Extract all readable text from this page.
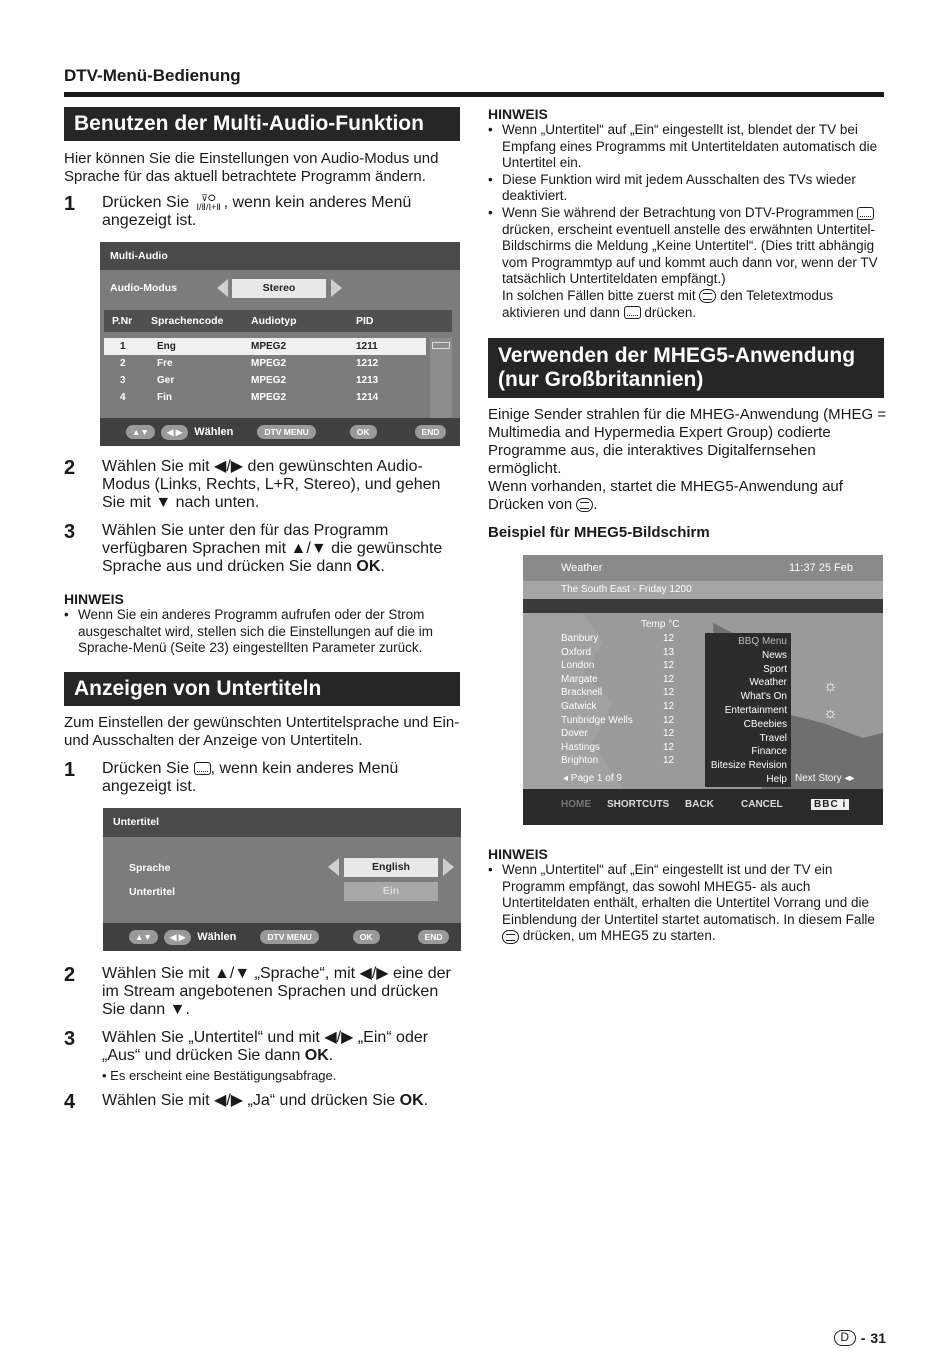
DTV-Menü-Bedienung
Benutzen der Multi-Audio-Funktion
Hier können Sie die Einstellungen von Audio-Modus und Sprache für das aktuell betrachtete Programm ändern.
1	Drücken Sie ⊽ⵔ
Ⅰ/Ⅱ/Ⅰ+Ⅱ , wenn kein anderes Menü angezeigt ist.
Multi-Audio
Audio-Modus	Stereo
P.Nr	Sprachencode	Audiotyp	PID
1	Eng	MPEG2	1211
2	Fre	MPEG2	1212
3	Ger	MPEG2	1213
4	Fin	MPEG2	1214
▲▼	◀ ▶	Wählen	DTV MENU	OK	END
2	Wählen Sie mit ◀/▶ den gewünschten Audio-Modus (Links, Rechts, L+R, Stereo), und gehen Sie mit ▼ nach unten.
3	Wählen Sie unter den für das Programm verfügbaren Sprachen mit ▲/▼ die gewünschte Sprache aus und drücken Sie dann OK.
HINWEIS
• Wenn Sie ein anderes Programm aufrufen oder der Strom ausgeschaltet wird, stellen sich die Einstellungen auf die im Sprache-Menü (Seite 23) eingestellten Parameter zurück.
Anzeigen von Untertiteln
Zum Einstellen der gewünschten Untertitelsprache und Ein- und Ausschalten der Anzeige von Untertiteln.
1	Drücken Sie , wenn kein anderes Menü angezeigt ist.
Untertitel
Sprache	English
Untertitel	Ein
▲▼	◀ ▶	Wählen	DTV MENU	OK	END
2	Wählen Sie mit ▲/▼ „Sprache“, mit ◀/▶ eine der im Stream angebotenen Sprachen und drücken Sie dann ▼.
3	Wählen Sie „Untertitel“ und mit ◀/▶ „Ein“ oder „Aus“ und drücken Sie dann OK.
• Es erscheint eine Bestätigungsabfrage.
4	Wählen Sie mit ◀/▶ „Ja“ und drücken Sie OK.
HINWEIS
• Wenn „Untertitel“ auf „Ein“ eingestellt ist, blendet der TV bei Empfang eines Programms mit Untertiteldaten automatisch die Untertitel ein.
• Diese Funktion wird mit jedem Ausschalten des TVs wieder deaktiviert.
• Wenn Sie während der Betrachtung von DTV-Programmen  drücken, erscheint eventuell anstelle des erwähnten Untertitel-Bildschirms die Meldung „Keine Untertitel“. (Dies tritt abhängig vom Programmtyp auf und kommt auch dann vor, wenn der TV tatsächlich Untertiteldaten empfängt.)
In solchen Fällen bitte zuerst mit  den Teletextmodus aktivieren und dann  drücken.
Verwenden der MHEG5-Anwendung (nur Großbritannien)
Einige Sender strahlen für die MHEG-Anwendung (MHEG = Multimedia and Hypermedia Expert Group) codierte Programme aus, die interaktives Digitalfernsehen ermöglicht.
Wenn vorhanden, startet die MHEG5-Anwendung auf Drücken von .
Beispiel für MHEG5-Bildschirm
Weather	11:37 25 Feb
The South East - Friday 1200
Temp °C
Banbury	12
Oxford	13
London	12
Margate	12
Bracknell	12
Gatwick	12
Tunbridge Wells	12
Dover	12
Hastings	12
Brighton	12
BBQ Menu
News
Sport
Weather
What's On
Entertainment
CBeebies
Travel
Finance
Bitesize Revision
Help
☼
☼
◂ Page 1 of 9	Next Story ◂▸
HOME SHORTCUTS BACK	CANCEL	BBC i
HINWEIS
• Wenn „Untertitel“ auf „Ein“ eingestellt ist und der TV ein Programm empfängt, das sowohl MHEG5- als auch Untertiteldaten enthält, erhalten die Untertitel Vorrang und die Einblendung der Untertitel startet automatisch. In diesem Falle  drücken, um MHEG5 zu starten.
D - 31
